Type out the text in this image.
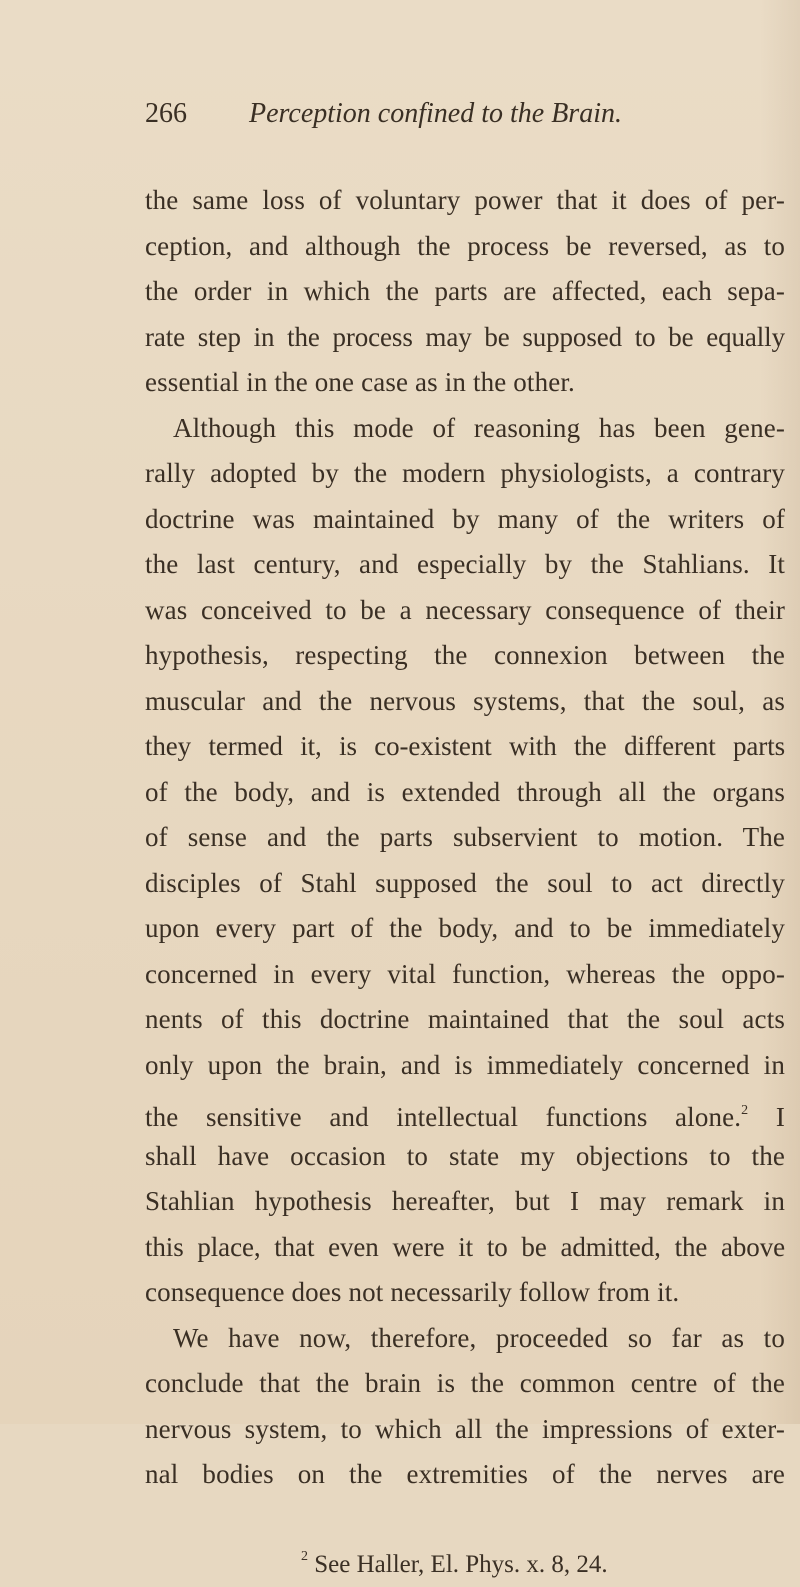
266 Perception confined to the Brain.
the same loss of voluntary power that it does of per-
ception, and although the process be reversed, as to
the order in which the parts are affected, each sepa-
rate step in the process may be supposed to be equally
essential in the one case as in the other.
Although this mode of reasoning has been gene-
rally adopted by the modern physiologists, a contrary
doctrine was maintained by many of the writers of
the last century, and especially by the Stahlians. It
was conceived to be a necessary consequence of their
hypothesis, respecting the connexion between the
muscular and the nervous systems, that the soul, as
they termed it, is co-existent with the different parts
of the body, and is extended through all the organs
of sense and the parts subservient to motion. The
disciples of Stahl supposed the soul to act directly
upon every part of the body, and to be immediately
concerned in every vital function, whereas the oppo-
nents of this doctrine maintained that the soul acts
only upon the brain, and is immediately concerned in
the sensitive and intellectual functions alone.$^2$ I
shall have occasion to state my objections to the
Stahlian hypothesis hereafter, but I may remark in
this place, that even were it to be admitted, the above
consequence does not necessarily follow from it.
We have now, therefore, proceeded so far as to
conclude that the brain is the common centre of the
nervous system, to which all the impressions of exter-
nal bodies on the extremities of the nerves are
$^2$ See Haller, El. Phys. x. 8, 24.
